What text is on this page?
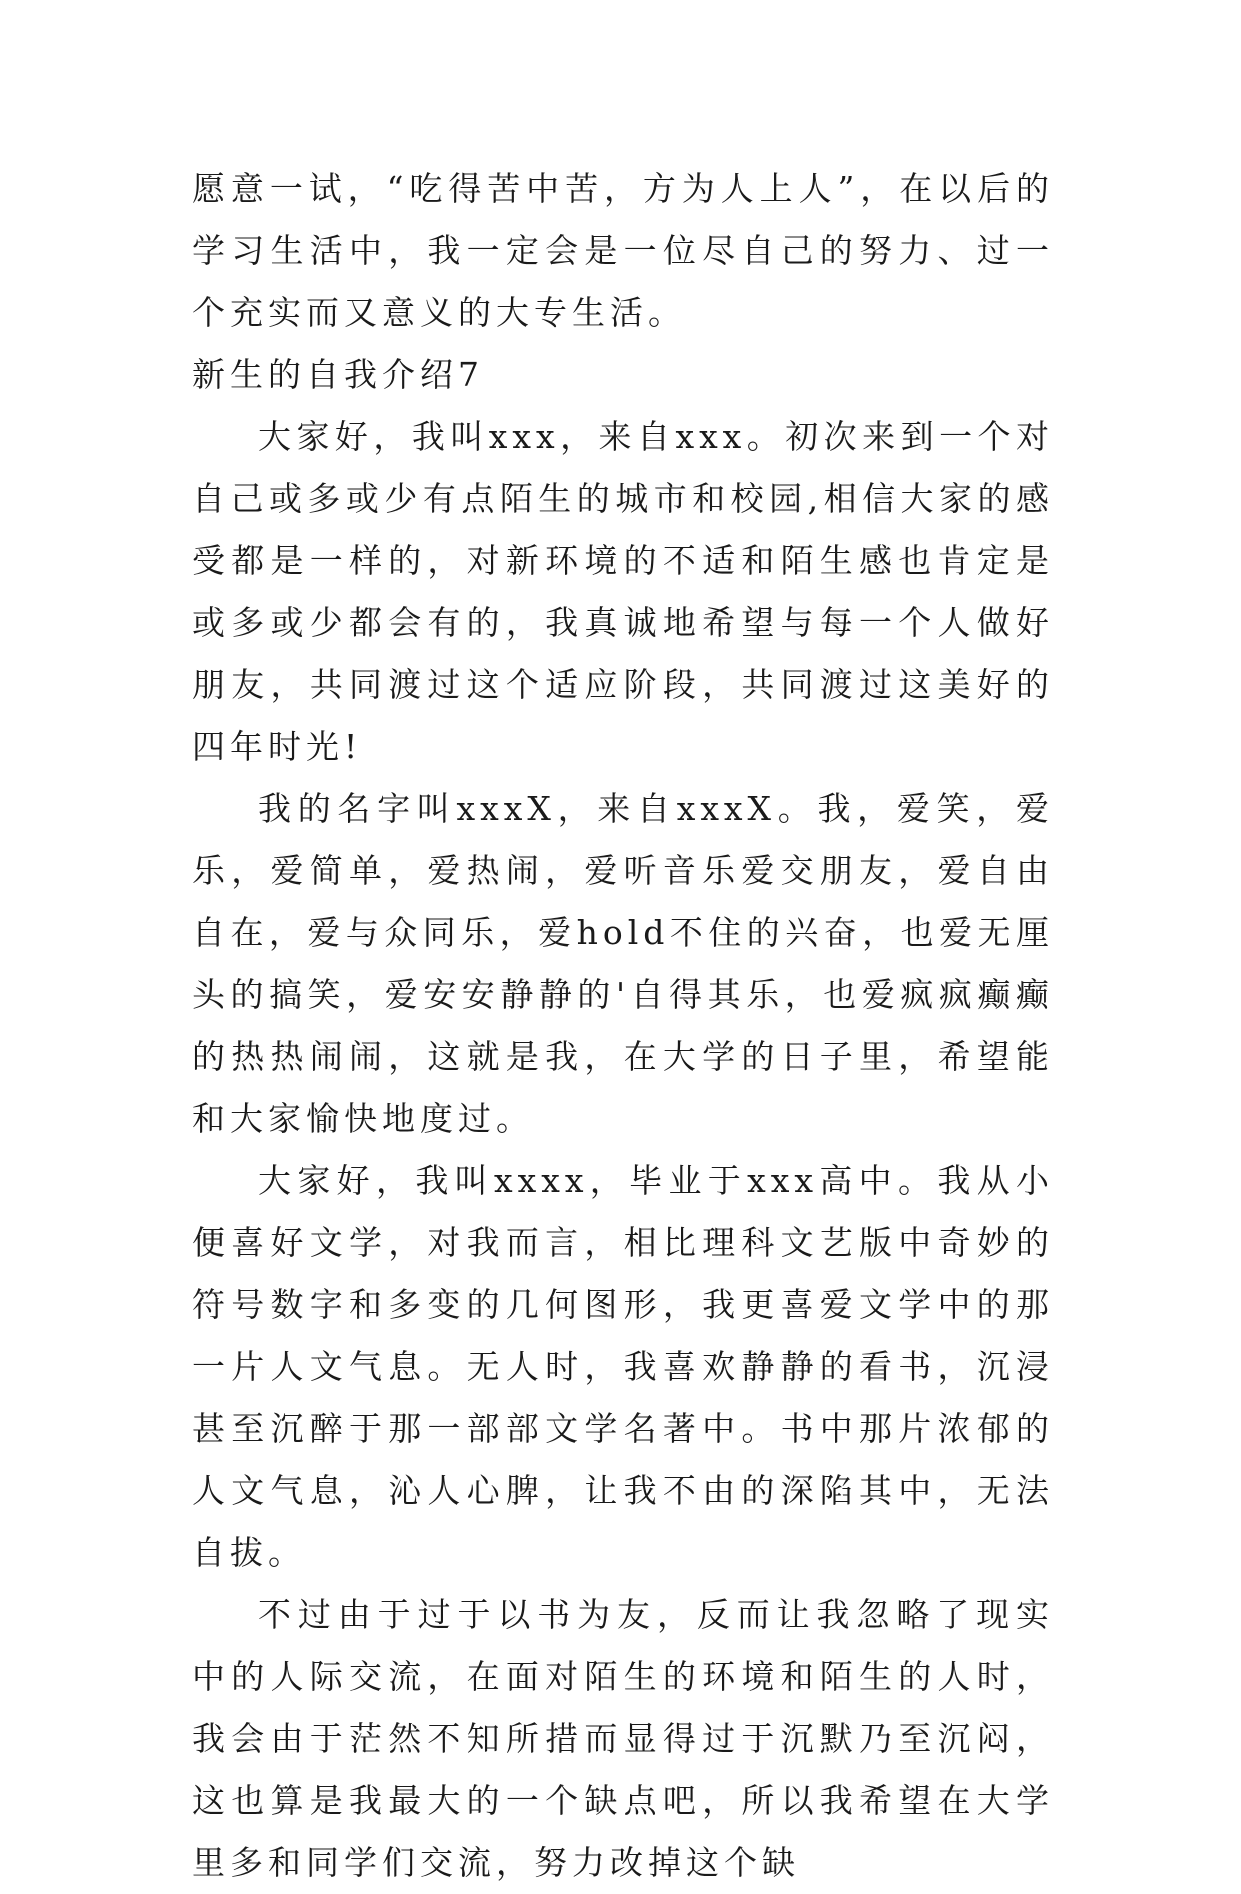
愿意一试，“吃得苦中苦，方为人上人”，在以后的学习生活中，我一定会是一位尽自己的努力、过一个充实而又意义的大专生活。

新生的自我介绍7

大家好，我叫xxx，来自xxx。初次来到一个对自己或多或少有点陌生的城市和校园,相信大家的感受都是一样的，对新环境的不适和陌生感也肯定是或多或少都会有的，我真诚地希望与每一个人做好朋友，共同渡过这个适应阶段，共同渡过这美好的四年时光!

我的名字叫xxxX，来自xxxX。我，爱笑，爱乐，爱简单，爱热闹，爱听音乐爱交朋友，爱自由自在，爱与众同乐，爱hold不住的兴奋，也爱无厘头的搞笑，爱安安静静的'自得其乐，也爱疯疯癫癫的热热闹闹，这就是我，在大学的日子里，希望能和大家愉快地度过。

大家好，我叫xxxx，毕业于xxx高中。我从小便喜好文学，对我而言，相比理科文艺版中奇妙的符号数字和多变的几何图形，我更喜爱文学中的那一片人文气息。无人时，我喜欢静静的看书，沉浸甚至沉醉于那一部部文学名著中。书中那片浓郁的人文气息，沁人心脾，让我不由的深陷其中，无法自拔。

不过由于过于以书为友，反而让我忽略了现实中的人际交流，在面对陌生的环境和陌生的人时，我会由于茫然不知所措而显得过于沉默乃至沉闷，这也算是我最大的一个缺点吧，所以我希望在大学里多和同学们交流，努力改掉这个缺
